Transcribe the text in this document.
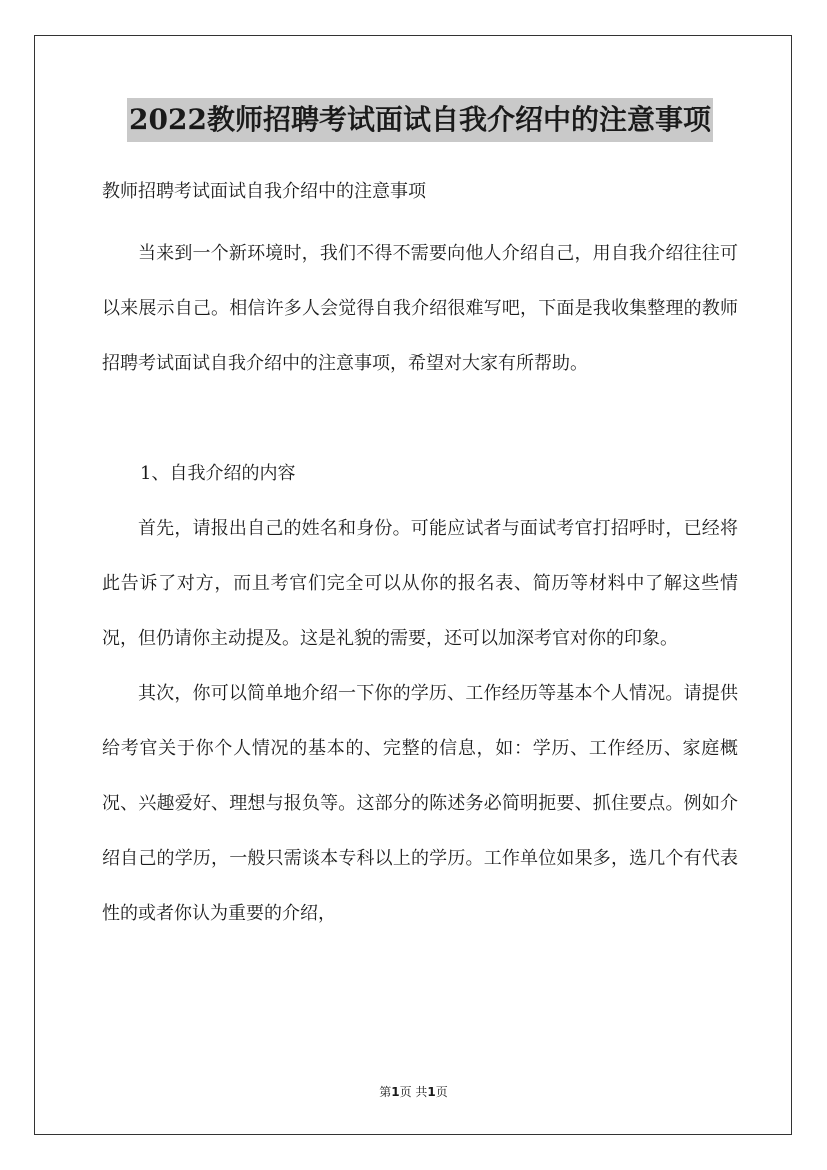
2022教师招聘考试面试自我介绍中的注意事项
教师招聘考试面试自我介绍中的注意事项

当来到一个新环境时，我们不得不需要向他人介绍自己，用自我介绍往往可以来展示自己。相信许多人会觉得自我介绍很难写吧，下面是我收集整理的教师招聘考试面试自我介绍中的注意事项，希望对大家有所帮助。

1、自我介绍的内容

首先，请报出自己的姓名和身份。可能应试者与面试考官打招呼时，已经将此告诉了对方，而且考官们完全可以从你的报名表、简历等材料中了解这些情况，但仍请你主动提及。这是礼貌的需要，还可以加深考官对你的印象。

其次，你可以简单地介绍一下你的学历、工作经历等基本个人情况。请提供给考官关于你个人情况的基本的、完整的信息，如：学历、工作经历、家庭概况、兴趣爱好、理想与报负等。这部分的陈述务必简明扼要、抓住要点。例如介绍自己的学历，一般只需谈本专科以上的学历。工作单位如果多，选几个有代表性的或者你认为重要的介绍，

第1页 共1页
